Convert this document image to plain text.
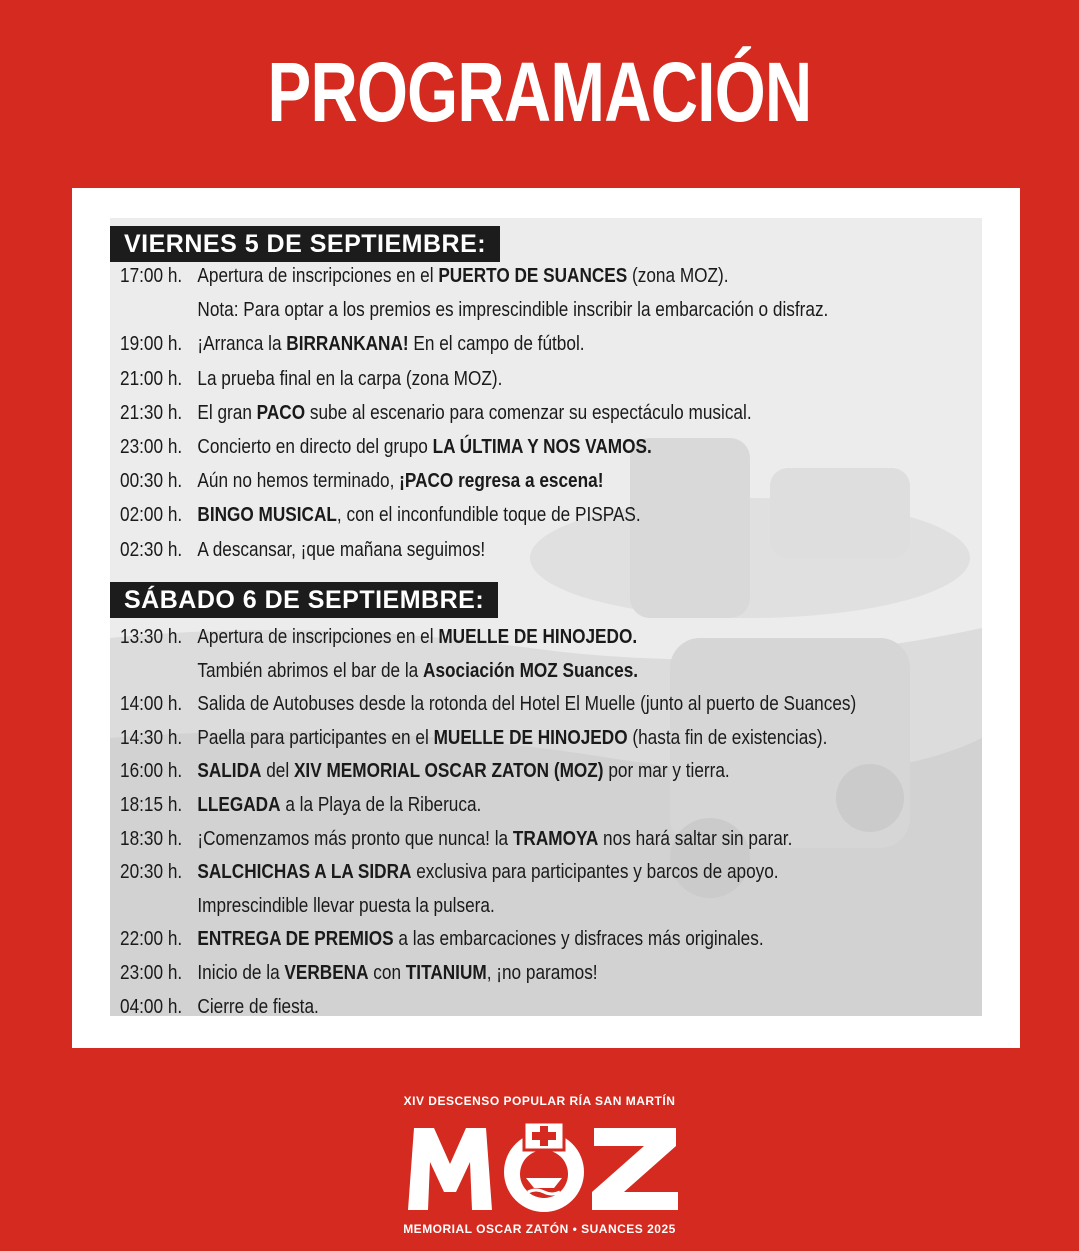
PROGRAMACIÓN
VIERNES 5 DE SEPTIEMBRE:
17:00 h. Apertura de inscripciones en el PUERTO DE SUANCES (zona MOZ).
Nota: Para optar a los premios es imprescindible inscribir la embarcación o disfraz.
19:00 h. ¡Arranca la BIRRANKANA! En el campo de fútbol.
21:00 h. La prueba final en la carpa (zona MOZ).
21:30 h. El gran PACO sube al escenario para comenzar su espectáculo musical.
23:00 h. Concierto en directo del grupo LA ÚLTIMA Y NOS VAMOS.
00:30 h. Aún no hemos terminado, ¡PACO regresa a escena!
02:00 h. BINGO MUSICAL, con el inconfundible toque de PISPAS.
02:30 h. A descansar, ¡que mañana seguimos!
SÁBADO 6 DE SEPTIEMBRE:
13:30 h. Apertura de inscripciones en el MUELLE DE HINOJEDO.
También abrimos el bar de la Asociación MOZ Suances.
14:00 h. Salida de Autobuses desde la rotonda del Hotel El Muelle (junto al puerto de Suances)
14:30 h. Paella para participantes en el MUELLE DE HINOJEDO (hasta fin de existencias).
16:00 h. SALIDA del XIV MEMORIAL OSCAR ZATON (MOZ) por mar y tierra.
18:15 h. LLEGADA a la Playa de la Riberuca.
18:30 h. ¡Comenzamos más pronto que nunca! la TRAMOYA nos hará saltar sin parar.
20:30 h. SALCHICHAS A LA SIDRA exclusiva para participantes y barcos de apoyo.
Imprescindible llevar puesta la pulsera.
22:00 h. ENTREGA DE PREMIOS a las embarcaciones y disfraces más originales.
23:00 h. Inicio de la VERBENA con TITANIUM, ¡no paramos!
04:00 h. Cierre de fiesta.
XIV DESCENSO POPULAR RÍA SAN MARTÍN
MEMORIAL OSCAR ZATÓN • SUANCES 2025
